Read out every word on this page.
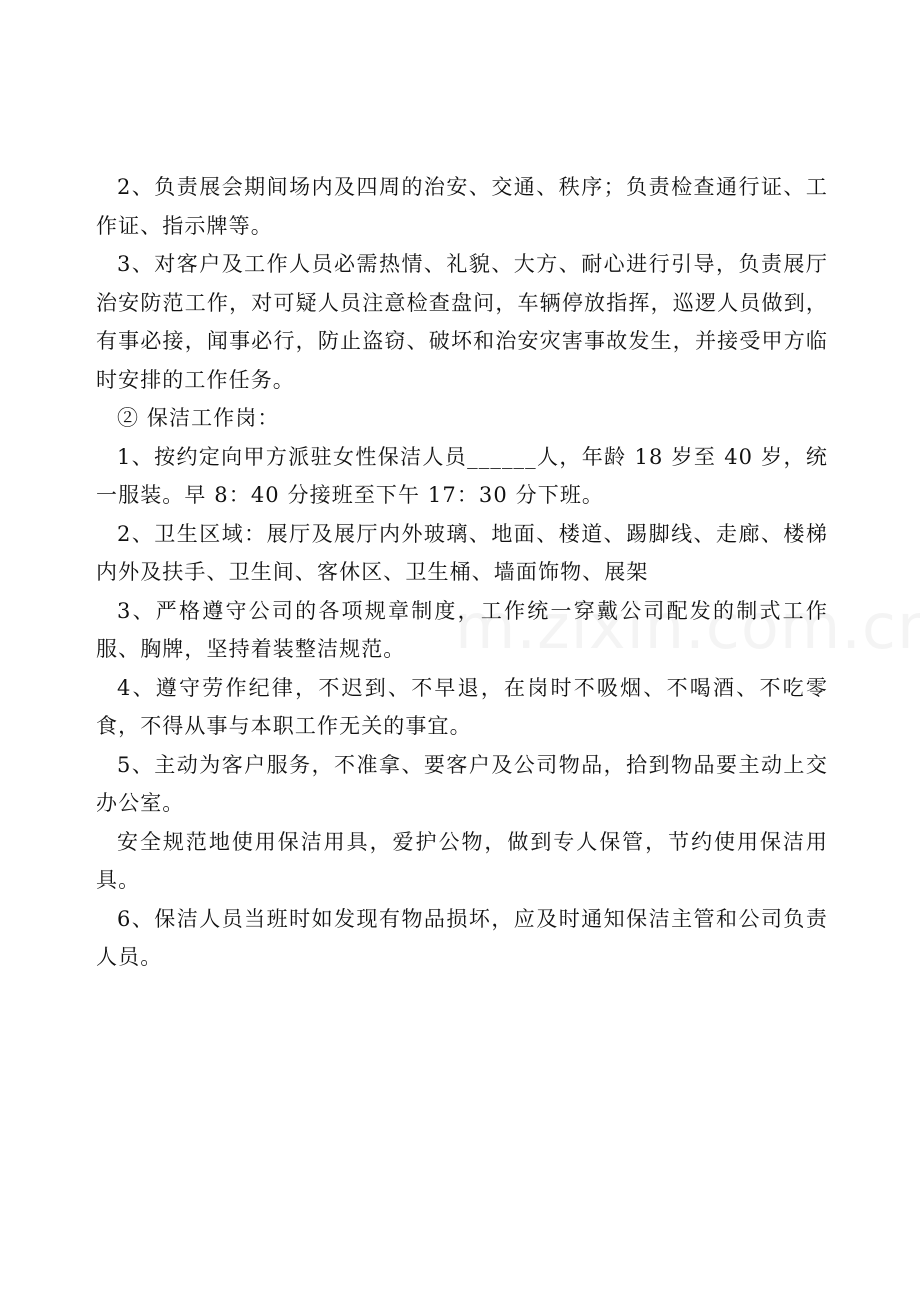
2、负责展会期间场内及四周的治安、交通、秩序；负责检查通行证、工作证、指示牌等。

3、对客户及工作人员必需热情、礼貌、大方、耐心进行引导，负责展厅治安防范工作，对可疑人员注意检查盘问，车辆停放指挥，巡逻人员做到，有事必接，闻事必行，防止盗窃、破坏和治安灾害事故发生，并接受甲方临时安排的工作任务。

② 保洁工作岗：

1、按约定向甲方派驻女性保洁人员______人，年龄 18 岁至 40 岁，统一服装。早 8：40 分接班至下午 17：30 分下班。

2、卫生区域：展厅及展厅内外玻璃、地面、楼道、踢脚线、走廊、楼梯内外及扶手、卫生间、客休区、卫生桶、墙面饰物、展架

3、严格遵守公司的各项规章制度，工作统一穿戴公司配发的制式工作服、胸牌，坚持着装整洁规范。

4、遵守劳作纪律，不迟到、不早退，在岗时不吸烟、不喝酒、不吃零食，不得从事与本职工作无关的事宜。

5、主动为客户服务，不准拿、要客户及公司物品，拾到物品要主动上交办公室。

安全规范地使用保洁用具，爱护公物，做到专人保管，节约使用保洁用具。

6、保洁人员当班时如发现有物品损坏，应及时通知保洁主管和公司负责人员。
